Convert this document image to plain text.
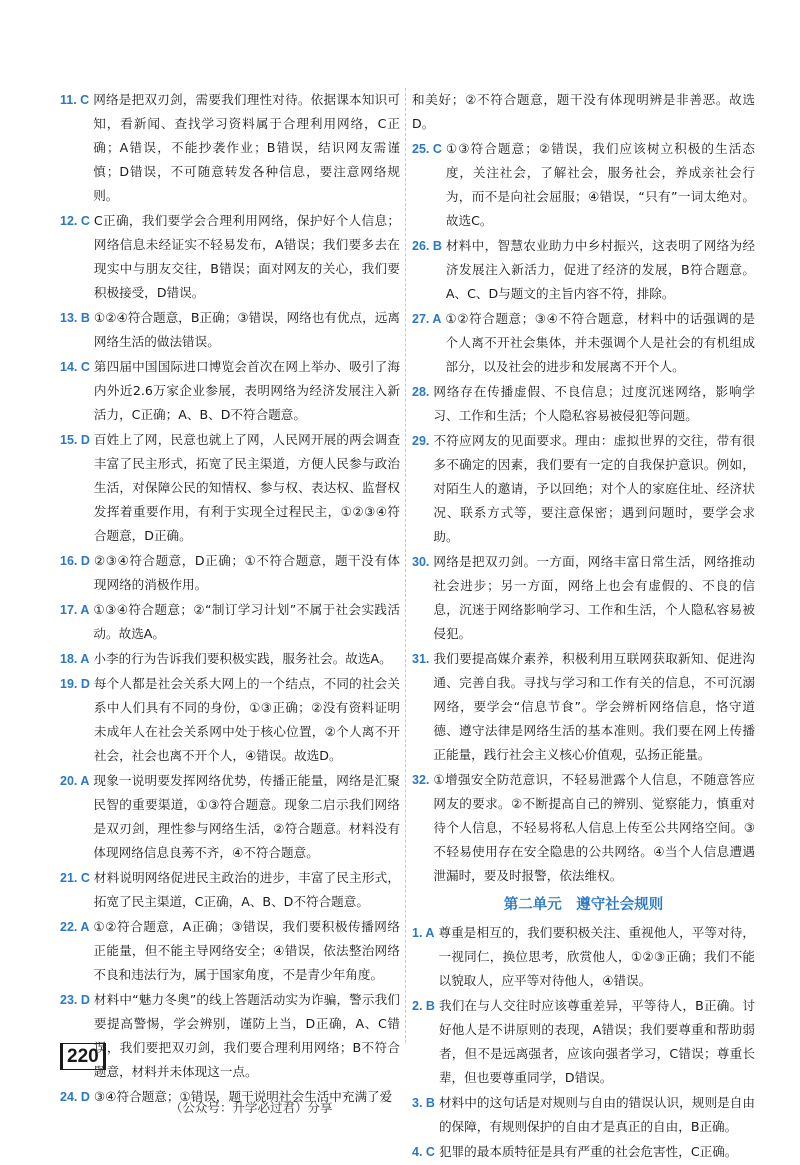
11. C 网络是把双刃剑，需要我们理性对待。依据课本知识可知，看新闻、查找学习资料属于合理利用网络，C正确；A错误，不能抄袭作业；B错误，结识网友需谨慎；D错误，不可随意转发各种信息，要注意网络规则。
12. C C正确，我们要学会合理利用网络，保护好个人信息；网络信息未经证实不轻易发布，A错误；我们要多去在现实中与朋友交往，B错误；面对网友的关心，我们要积极接受，D错误。
13. B ①②④符合题意，B正确；③错误，网络也有优点，远离网络生活的做法错误。
14. C 第四届中国国际进口博览会首次在网上举办、吸引了海内外近2.6万家企业参展，表明网络为经济发展注入新活力，C正确；A、B、D不符合题意。
15. D 百姓上了网，民意也就上了网，人民网开展的两会调查丰富了民主形式，拓宽了民主渠道，方便人民参与政治生活，对保障公民的知情权、参与权、表达权、监督权发挥着重要作用，有利于实现全过程民主，①②③④符合题意，D正确。
16. D ②③④符合题意，D正确；①不符合题意，题干没有体现网络的消极作用。
17. A ①③④符合题意；②“制订学习计划”不属于社会实践活动。故选A。
18. A 小李的行为告诉我们要积极实践，服务社会。故选A。
19. D 每个人都是社会关系大网上的一个结点，不同的社会关系中人们具有不同的身份，①③正确；②没有资料证明未成年人在社会关系网中处于核心位置，②个人离不开社会，社会也离不开个人，④错误。故选D。
20. A 现象一说明要发挥网络优势，传播正能量，网络是汇聚民智的重要渠道，①③符合题意。现象二启示我们网络是双刃剑，理性参与网络生活，②符合题意。材料没有体现网络信息良莠不齐，④不符合题意。
21. C 材料说明网络促进民主政治的进步，丰富了民主形式，拓宽了民主渠道，C正确，A、B、D不符合题意。
22. A ①②符合题意，A正确；③错误，我们要积极传播网络正能量，但不能主导网络安全；④错误，依法整治网络不良和违法行为，属于国家角度，不是青少年角度。
23. D 材料中“魅力冬奥”的线上答题活动实为诈骗，警示我们要提高警惕，学会辨别，谨防上当，D正确，A、C错误，我们要把双刃剑，我们要合理利用网络；B不符合题意，材料并未体现这一点。
24. D ③④符合题意；①错误，题干说明社会生活中充满了爱
和美好；②不符合题意，题干没有体现明辨是非善恶。故选D。
25. C ①③符合题意；②错误，我们应该树立积极的生活态度，关注社会，了解社会，服务社会，养成亲社会行为，而不是向社会屈服；④错误，“只有”一词太绝对。故选C。
26. B 材料中，智慧农业助力中乡村振兴，这表明了网络为经济发展注入新活力，促进了经济的发展，B符合题意。A、C、D与题文的主旨内容不符，排除。
27. A ①②符合题意；③④不符合题意，材料中的话强调的是个人离不开社会集体，并未强调个人是社会的有机组成部分，以及社会的进步和发展离不开个人。
28. 网络存在传播虚假、不良信息；过度沉迷网络，影响学习、工作和生活；个人隐私容易被侵犯等问题。
29. 不符应网友的见面要求。理由：虚拟世界的交往，带有很多不确定的因素，我们要有一定的自我保护意识。例如，对陌生人的邀请，予以回绝；对个人的家庭住址、经济状况、联系方式等，要注意保密；遇到问题时，要学会求助。
30. 网络是把双刃剑。一方面，网络丰富日常生活，网络推动社会进步；另一方面，网络上也会有虚假的、不良的信息，沉迷于网络影响学习、工作和生活，个人隐私容易被侵犯。
31. 我们要提高媒介素养，积极利用互联网获取新知、促进沟通、完善自我。寻找与学习和工作有关的信息，不可沉溺网络，要学会“信息节食”。学会辨析网络信息，恪守道德、遵守法律是网络生活的基本准则。我们要在网上传播正能量，践行社会主义核心价值观，弘扬正能量。
32. ①增强安全防范意识，不轻易泄露个人信息，不随意答应网友的要求。②不断提高自己的辨别、觉察能力，慎重对待个人信息，不轻易将私人信息上传至公共网络空间。③不轻易使用存在安全隐患的公共网络。④当个人信息遭遇泄漏时，要及时报警，依法维权。
第二单元　遵守社会规则
1. A 尊重是相互的，我们要积极关注、重视他人，平等对待，一视同仁，换位思考，欣赏他人，①②③正确；我们不能以貌取人，应平等对待他人，④错误。
2. B 我们在与人交往时应该尊重差异，平等待人，B正确。讨好他人是不讲原则的表现，A错误；我们要尊重和帮助弱者，但不是远离强者，应该向强者学习，C错误；尊重长辈，但也要尊重同学，D错误。
3. B 材料中的这句话是对规则与自由的错误认识，规则是自由的保障，有规则保护的自由才是真正的自由，B正确。
4. C 犯罪的最本质特征是具有严重的社会危害性，C正确。
220
（公众号：升学必过君）分享
